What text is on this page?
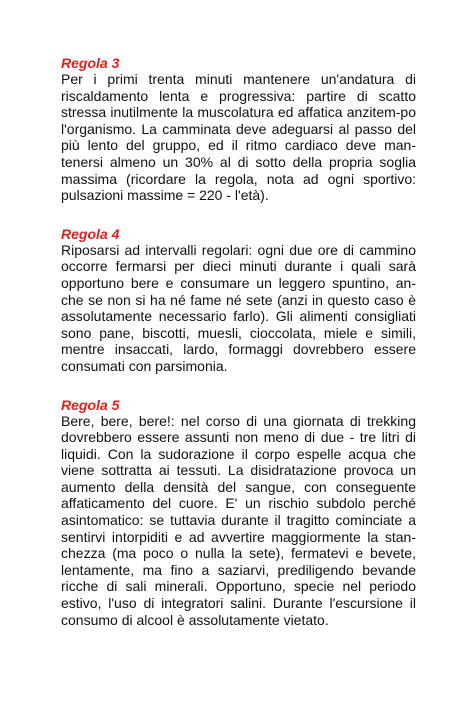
Regola 3

Per i primi trenta minuti mantenere un'andatura di riscaldamento lenta e progressiva: partire di scatto stressa inutilmente la muscolatura ed affatica anzitem-po l'organismo. La camminata deve adeguarsi al passo del più lento del gruppo, ed il ritmo cardiaco deve man-tenersi almeno un 30% al di sotto della propria soglia massima (ricordare la regola, nota ad ogni sportivo: pulsazioni massime = 220 - l'età).

Regola 4

Riposarsi ad intervalli regolari: ogni due ore di cammino occorre fermarsi per dieci minuti durante i quali sarà opportuno bere e consumare un leggero spuntino, an-che se non si ha né fame né sete (anzi in questo caso è assolutamente necessario farlo). Gli alimenti consigliati sono pane, biscotti, muesli, cioccolata, miele e simili, mentre insaccati, lardo, formaggi dovrebbero essere consumati con parsimonia.

Regola 5

Bere, bere, bere!: nel corso di una giornata di trekking dovrebbero essere assunti non meno di due - tre litri di liquidi. Con la sudorazione il corpo espelle acqua che viene sottratta ai tessuti. La disidratazione provoca un aumento della densità del sangue, con conseguente affaticamento del cuore. E' un rischio subdolo perché asintomatico: se tuttavia durante il tragitto cominciate a sentirvi intorpiditi e ad avvertire maggiormente la stan-chezza (ma poco o nulla la sete), fermatevi e bevete, lentamente, ma fino a saziarvi, prediligendo bevande ricche di sali minerali. Opportuno, specie nel periodo estivo, l'uso di integratori salini. Durante l'escursione il consumo di alcool è assolutamente vietato.
